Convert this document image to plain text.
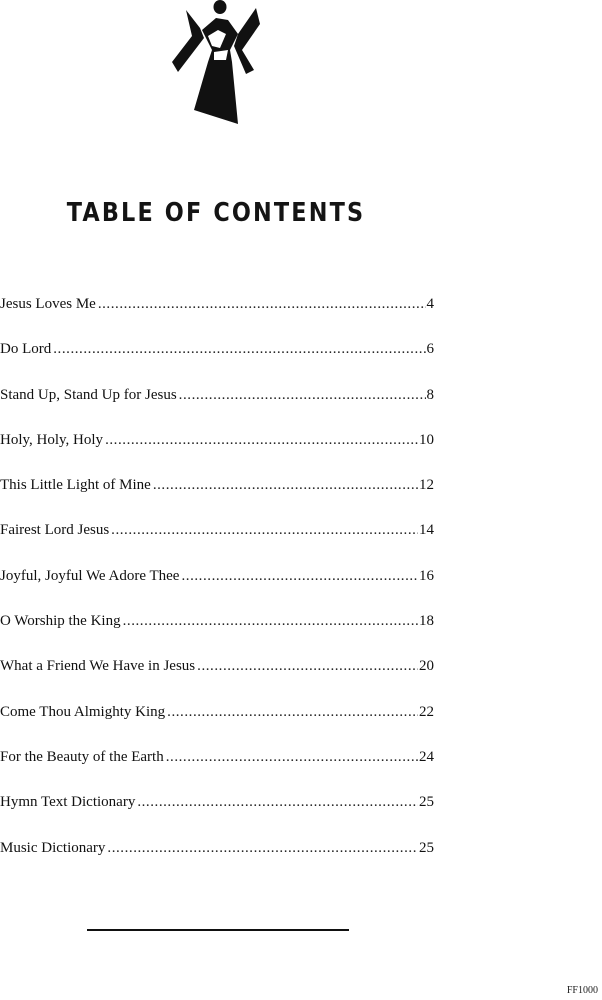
TABLE OF CONTENTS
Jesus Loves Me . . .	4
Do Lord . . .	6
Stand Up, Stand Up for Jesus . . .	8
Holy, Holy, Holy . . .	10
This Little Light of Mine . . .	12
Fairest Lord Jesus . . .	14
Joyful, Joyful We Adore Thee . . .	16
O Worship the King . . .	18
What a Friend We Have in Jesus . . .	20
Come Thou Almighty King . . .	22
For the Beauty of the Earth . . .	24
Hymn Text Dictionary . . .	25
Music Dictionary . . .	25
FF1000
